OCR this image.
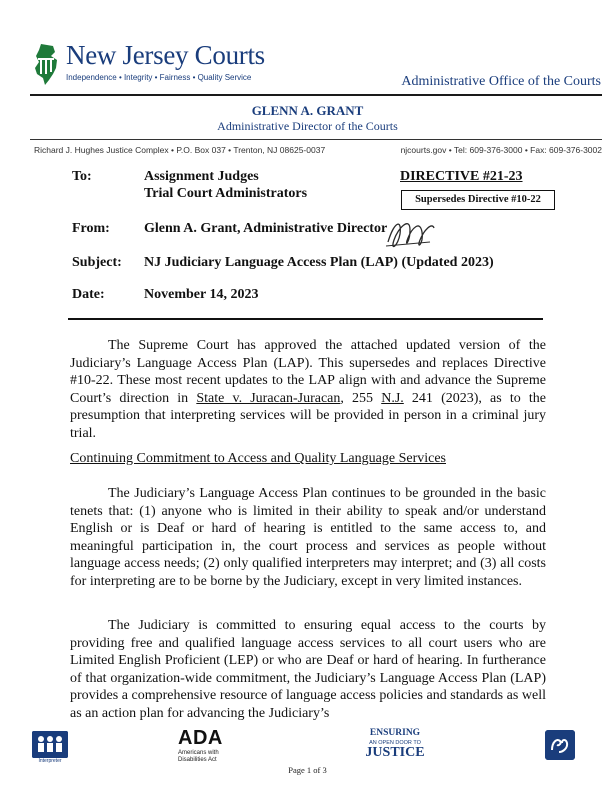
New Jersey Courts
Independence • Integrity • Fairness • Quality Service	Administrative Office of the Courts
GLENN A. GRANT
Administrative Director of the Courts
Richard J. Hughes Justice Complex • P.O. Box 037 • Trenton, NJ 08625-0037	njcourts.gov • Tel: 609-376-3000 • Fax: 609-376-3002
To:	Assignment Judges
Trial Court Administrators
DIRECTIVE #21-23
Supersedes Directive #10-22
From: Glenn A. Grant, Administrative Director
Subject: NJ Judiciary Language Access Plan (LAP) (Updated 2023)
Date:	November 14, 2023
The Supreme Court has approved the attached updated version of the Judiciary’s Language Access Plan (LAP). This supersedes and replaces Directive #10-22. These most recent updates to the LAP align with and advance the Supreme Court’s direction in State v. Juracan-Juracan, 255 N.J. 241 (2023), as to the presumption that interpreting services will be provided in person in a criminal jury trial.
Continuing Commitment to Access and Quality Language Services
The Judiciary’s Language Access Plan continues to be grounded in the basic tenets that: (1) anyone who is limited in their ability to speak and/or understand English or is Deaf or hard of hearing is entitled to the same access to, and meaningful participation in, the court process and services as people without language access needs; (2) only qualified interpreters may interpret; and (3) all costs for interpreting are to be borne by the Judiciary, except in very limited instances.
The Judiciary is committed to ensuring equal access to the courts by providing free and qualified language access services to all court users who are Limited English Proficient (LEP) or who are Deaf or hard of hearing. In furtherance of that organization-wide commitment, the Judiciary’s Language Access Plan (LAP) provides a comprehensive resource of language access policies and standards as well as an action plan for advancing the Judiciary’s
Interpreter
ADA
Americans with
Disabilities Act
ENSURING
AN OPEN DOOR TO
JUSTICE
Page 1 of 3
